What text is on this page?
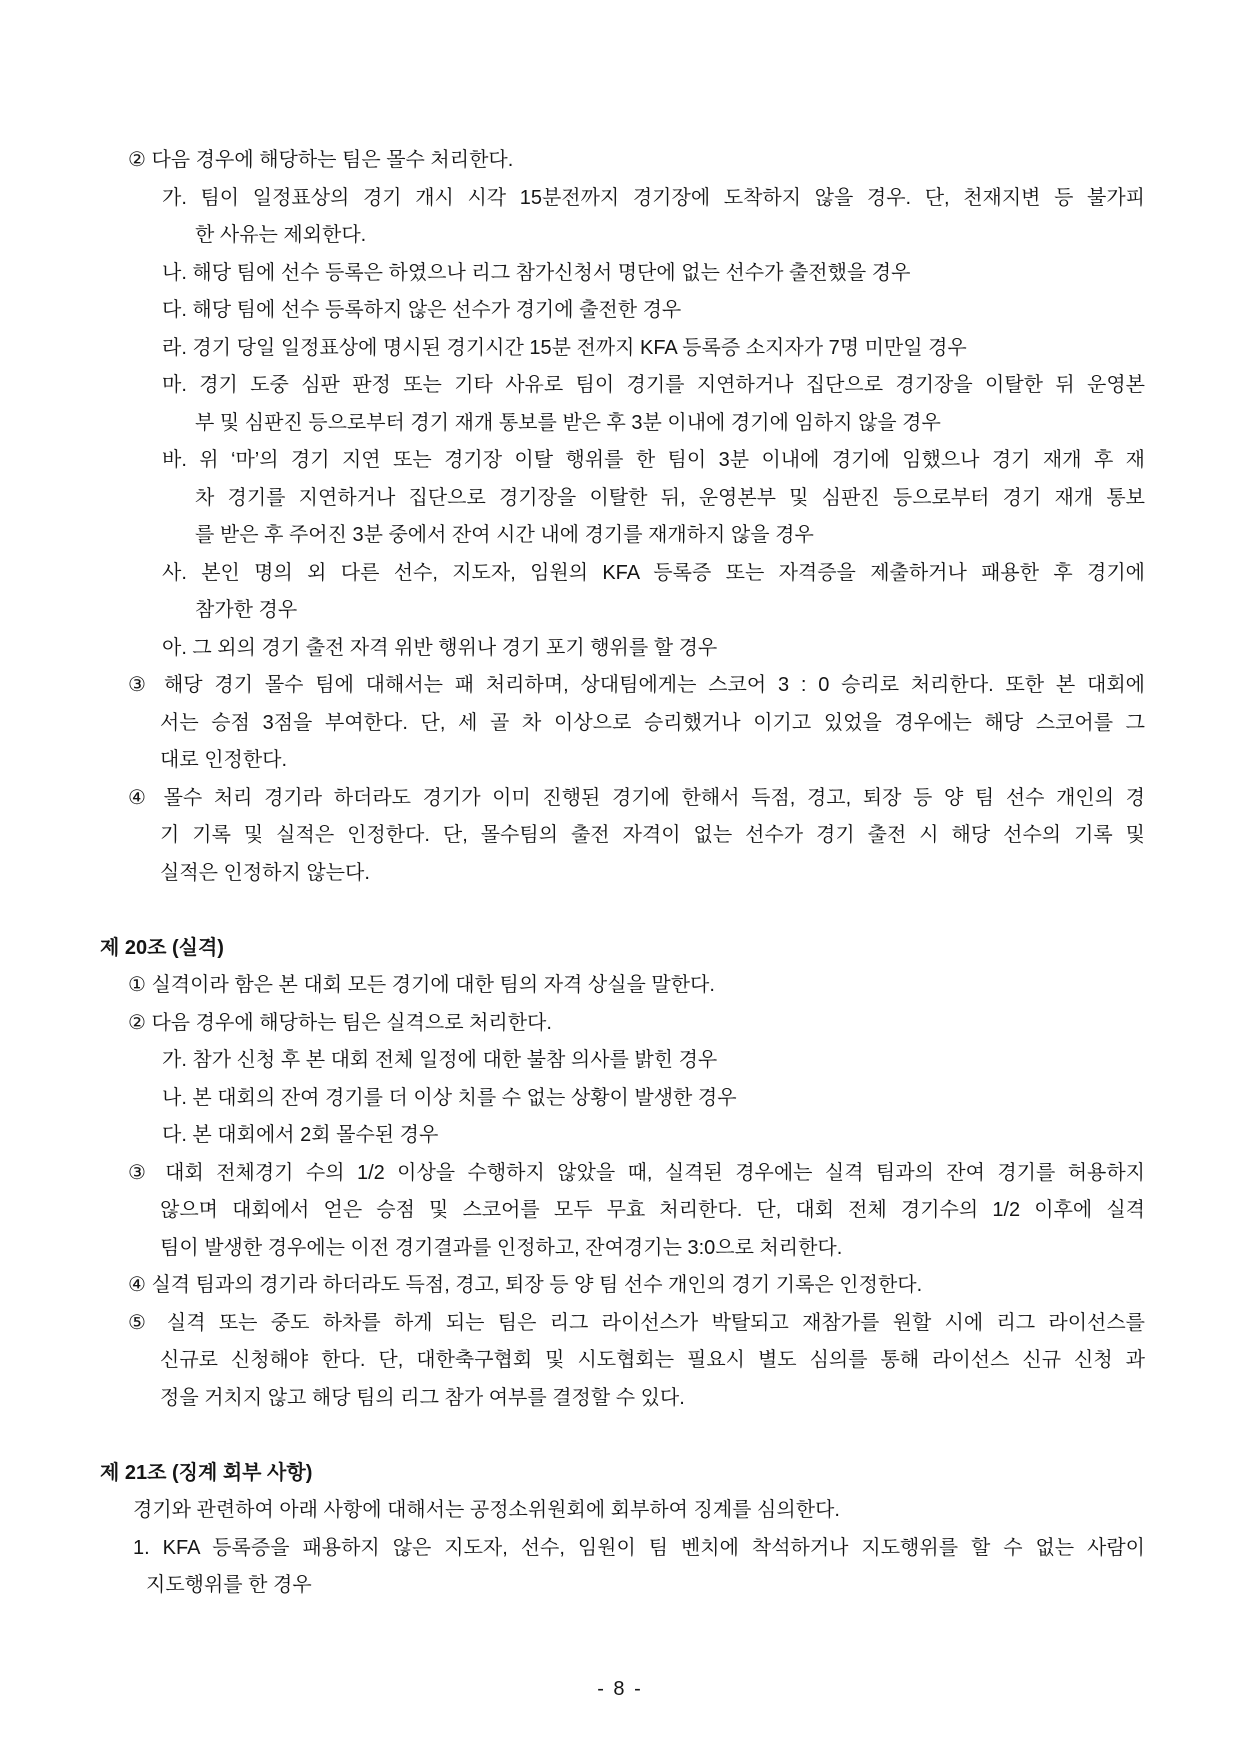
② 다음 경우에 해당하는 팀은 몰수 처리한다.
가. 팀이 일정표상의 경기 개시 시각 15분전까지 경기장에 도착하지 않을 경우. 단, 천재지변 등 불가피
한 사유는 제외한다.
나. 해당 팀에 선수 등록은 하였으나 리그 참가신청서 명단에 없는 선수가 출전했을 경우
다. 해당 팀에 선수 등록하지 않은 선수가 경기에 출전한 경우
라. 경기 당일 일정표상에 명시된 경기시간 15분 전까지 KFA 등록증 소지자가 7명 미만일 경우
마. 경기 도중 심판 판정 또는 기타 사유로 팀이 경기를 지연하거나 집단으로 경기장을 이탈한 뒤 운영본
부 및 심판진 등으로부터 경기 재개 통보를 받은 후 3분 이내에 경기에 임하지 않을 경우
바. 위 ‘마’의 경기 지연 또는 경기장 이탈 행위를 한 팀이 3분 이내에 경기에 임했으나 경기 재개 후 재
차 경기를 지연하거나 집단으로 경기장을 이탈한 뒤, 운영본부 및 심판진 등으로부터 경기 재개 통보
를 받은 후 주어진 3분 중에서 잔여 시간 내에 경기를 재개하지 않을 경우
사. 본인 명의 외 다른 선수, 지도자, 임원의 KFA 등록증 또는 자격증을 제출하거나 패용한 후 경기에
참가한 경우
아. 그 외의 경기 출전 자격 위반 행위나 경기 포기 행위를 할 경우
③ 해당 경기 몰수 팀에 대해서는 패 처리하며, 상대팀에게는 스코어 3 : 0 승리로 처리한다. 또한 본 대회에
서는 승점 3점을 부여한다. 단, 세 골 차 이상으로 승리했거나 이기고 있었을 경우에는 해당 스코어를 그
대로 인정한다.
④ 몰수 처리 경기라 하더라도 경기가 이미 진행된 경기에 한해서 득점, 경고, 퇴장 등 양 팀 선수 개인의 경
기 기록 및 실적은 인정한다. 단, 몰수팀의 출전 자격이 없는 선수가 경기 출전 시 해당 선수의 기록 및
실적은 인정하지 않는다.
제 20조 (실격)
① 실격이라 함은 본 대회 모든 경기에 대한 팀의 자격 상실을 말한다.
② 다음 경우에 해당하는 팀은 실격으로 처리한다.
가. 참가 신청 후 본 대회 전체 일정에 대한 불참 의사를 밝힌 경우
나. 본 대회의 잔여 경기를 더 이상 치를 수 없는 상황이 발생한 경우
다. 본 대회에서 2회 몰수된 경우
③ 대회 전체경기 수의 1/2 이상을 수행하지 않았을 때, 실격된 경우에는 실격 팀과의 잔여 경기를 허용하지
않으며 대회에서 얻은 승점 및 스코어를 모두 무효 처리한다. 단, 대회 전체 경기수의 1/2 이후에 실격
팀이 발생한 경우에는 이전 경기결과를 인정하고, 잔여경기는 3:0으로 처리한다.
④ 실격 팀과의 경기라 하더라도 득점, 경고, 퇴장 등 양 팀 선수 개인의 경기 기록은 인정한다.
⑤ 실격 또는 중도 하차를 하게 되는 팀은 리그 라이선스가 박탈되고 재참가를 원할 시에 리그 라이선스를
신규로 신청해야 한다. 단, 대한축구협회 및 시도협회는 필요시 별도 심의를 통해 라이선스 신규 신청 과
정을 거치지 않고 해당 팀의 리그 참가 여부를 결정할 수 있다.
제 21조 (징계 회부 사항)
경기와 관련하여 아래 사항에 대해서는 공정소위원회에 회부하여 징계를 심의한다.
1. KFA 등록증을 패용하지 않은 지도자, 선수, 임원이 팀 벤치에 착석하거나 지도행위를 할 수 없는 사람이
지도행위를 한 경우
- 8 -
